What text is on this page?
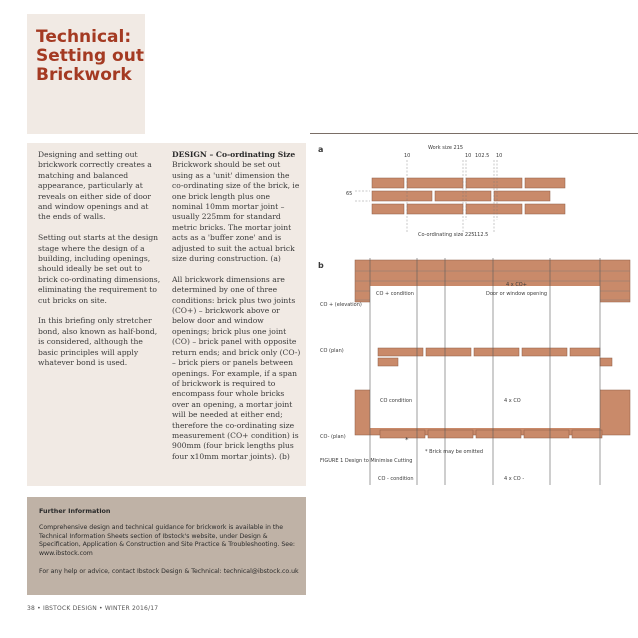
Technical:
Setting out
Brickwork

Designing and setting out brickwork correctly creates a matching and balanced appearance, particularly at reveals on either side of door and window openings and at the ends of walls.

Setting out starts at the design stage where the design of a building, including openings, should ideally be set out to brick co-ordinating dimensions, eliminating the requirement to cut bricks on site.

In this briefing only stretcher bond, also known as half-bond, is considered, although the basic principles will apply whatever bond is used.

DESIGN – Co-ordinating Size

Brickwork should be set out using as a 'unit' dimension the co-ordinating size of the brick, ie one brick length plus one nominal 10mm mortar joint – usually 225mm for standard metric bricks. The mortar joint acts as a 'buffer zone' and is adjusted to suit the actual brick size during construction. (a)

All brickwork dimensions are determined by one of three conditions: brick plus two joints (CO+) – brickwork above or below door and window openings; brick plus one joint (CO) – brick panel with opposite return ends; and brick only (CO-) – brick piers or panels between openings. For example, if a span of brickwork is required to encompass four whole bricks over an opening, a mortar joint will be needed at either end; therefore the co-ordinating size measurement (CO+ condition) is 900mm (four brick lengths plus four x10mm mortar joints). (b)

Further Information

Comprehensive design and technical guidance for brickwork is available in the Technical Information Sheets section of Ibstock's website, under Design & Specification, Application & Construction and Site Practice & Troubleshooting. See: www.ibstock.com

For any help or advice, contact Ibstock Design & Technical: technical@ibstock.co.uk

38 • IBSTOCK DESIGN • WINTER 2016/17

a	Work size 215
10	10 102.5 10
65
Co-ordinating size 225 112.5
b
CO + condition	Door or window opening
4 x CO+
CO + (elevation)
CO (plan)
CO condition	4 x CO
CO- (plan)	*
* Brick may be omitted
FIGURE 1 Design to Minimise Cutting
CO - condition	4 x CO -
